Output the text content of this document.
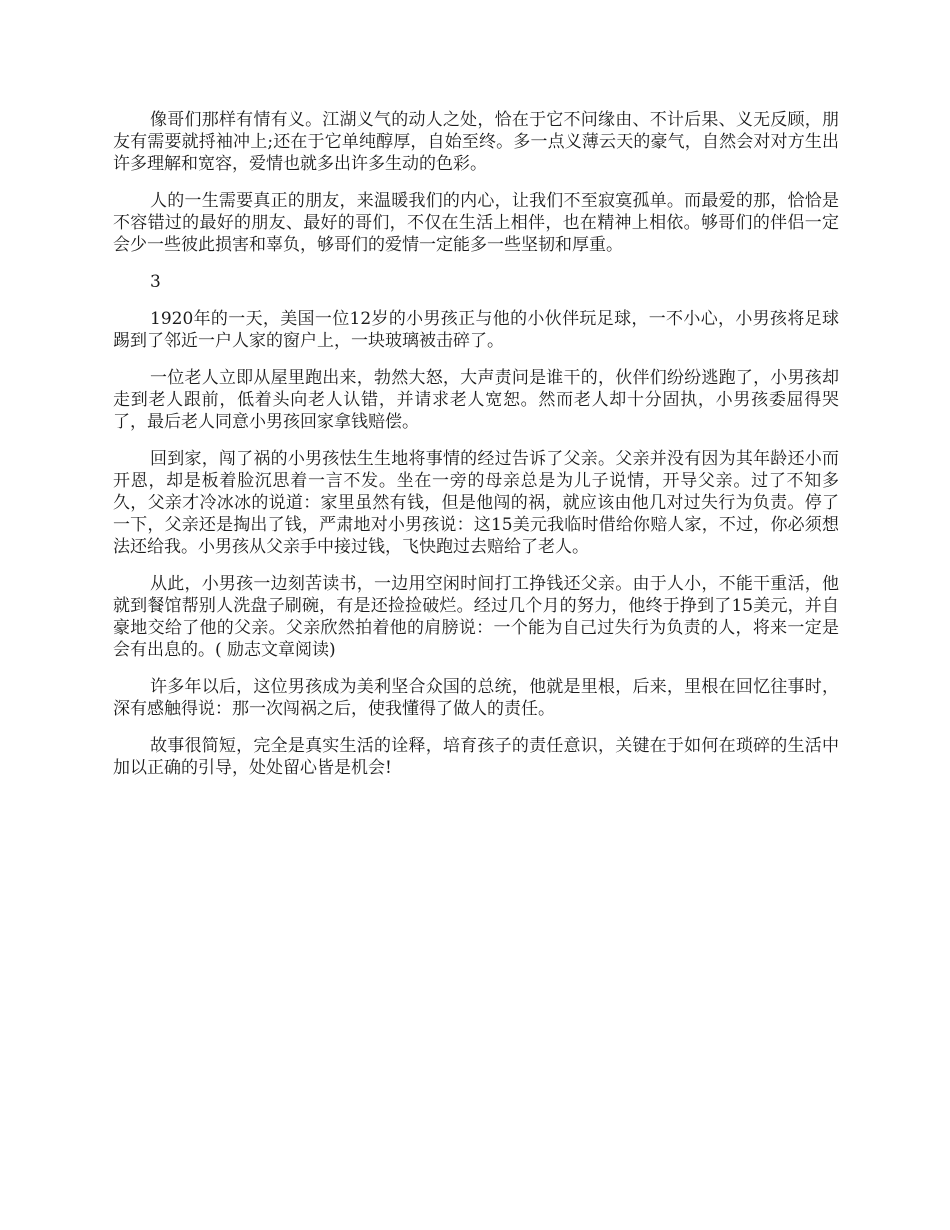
像哥们那样有情有义。江湖义气的动人之处，恰在于它不问缘由、不计后果、义无反顾，朋友有需要就捋袖冲上;还在于它单纯醇厚，自始至终。多一点义薄云天的豪气，自然会对对方生出许多理解和宽容，爱情也就多出许多生动的色彩。

人的一生需要真正的朋友，来温暖我们的内心，让我们不至寂寞孤单。而最爱的那，恰恰是不容错过的最好的朋友、最好的哥们，不仅在生活上相伴，也在精神上相依。够哥们的伴侣一定会少一些彼此损害和辜负，够哥们的爱情一定能多一些坚韧和厚重。

3

1920年的一天，美国一位12岁的小男孩正与他的小伙伴玩足球，一不小心，小男孩将足球踢到了邻近一户人家的窗户上，一块玻璃被击碎了。

一位老人立即从屋里跑出来，勃然大怒，大声责问是谁干的，伙伴们纷纷逃跑了，小男孩却走到老人跟前，低着头向老人认错，并请求老人宽恕。然而老人却十分固执，小男孩委屈得哭了，最后老人同意小男孩回家拿钱赔偿。

回到家，闯了祸的小男孩怯生生地将事情的经过告诉了父亲。父亲并没有因为其年龄还小而开恩，却是板着脸沉思着一言不发。坐在一旁的母亲总是为儿子说情，开导父亲。过了不知多久，父亲才冷冰冰的说道：家里虽然有钱，但是他闯的祸，就应该由他几对过失行为负责。停了一下，父亲还是掏出了钱，严肃地对小男孩说：这15美元我临时借给你赔人家，不过，你必须想法还给我。小男孩从父亲手中接过钱，飞快跑过去赔给了老人。

从此，小男孩一边刻苦读书，一边用空闲时间打工挣钱还父亲。由于人小，不能干重活，他就到餐馆帮别人洗盘子刷碗，有是还捡捡破烂。经过几个月的努力，他终于挣到了15美元，并自豪地交给了他的父亲。父亲欣然拍着他的肩膀说：一个能为自己过失行为负责的人，将来一定是会有出息的。( 励志文章阅读)

许多年以后，这位男孩成为美利坚合众国的总统，他就是里根，后来，里根在回忆往事时，深有感触得说：那一次闯祸之后，使我懂得了做人的责任。

故事很简短，完全是真实生活的诠释，培育孩子的责任意识，关键在于如何在琐碎的生活中加以正确的引导，处处留心皆是机会!
